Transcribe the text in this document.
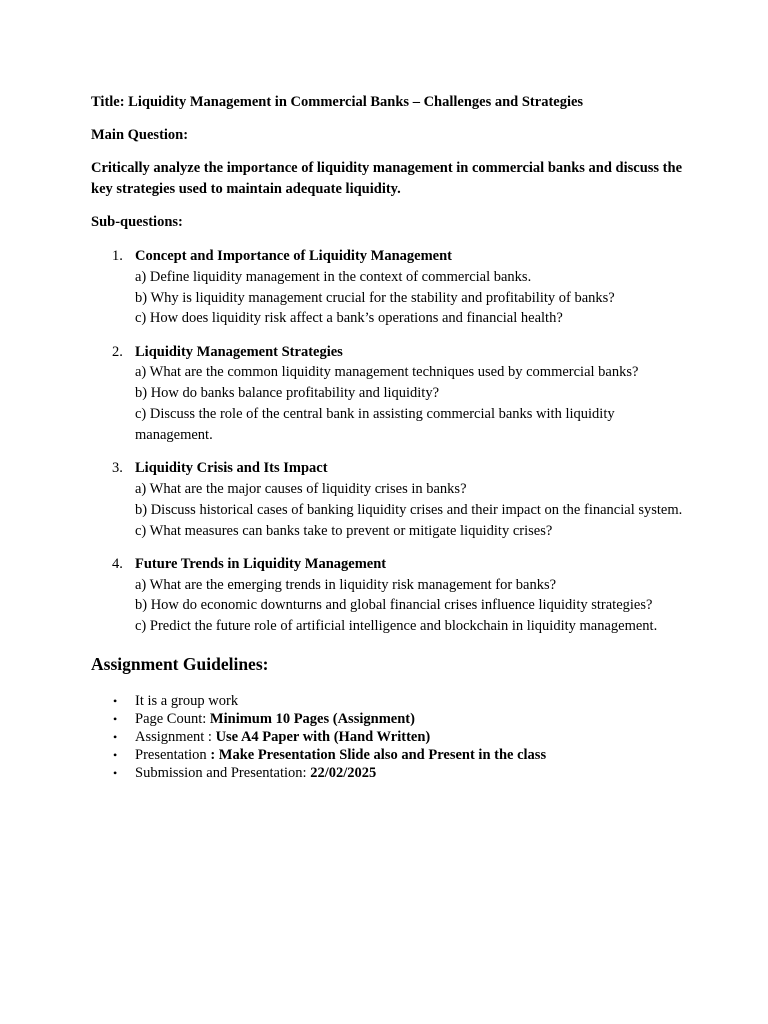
Title: Liquidity Management in Commercial Banks – Challenges and Strategies

Main Question:

Critically analyze the importance of liquidity management in commercial banks and discuss the key strategies used to maintain adequate liquidity.

Sub-questions:

1. Concept and Importance of Liquidity Management
a) Define liquidity management in the context of commercial banks.
b) Why is liquidity management crucial for the stability and profitability of banks?
c) How does liquidity risk affect a bank’s operations and financial health?
2. Liquidity Management Strategies
a) What are the common liquidity management techniques used by commercial banks?
b) How do banks balance profitability and liquidity?
c) Discuss the role of the central bank in assisting commercial banks with liquidity management.
3. Liquidity Crisis and Its Impact
a) What are the major causes of liquidity crises in banks?
b) Discuss historical cases of banking liquidity crises and their impact on the financial system.
c) What measures can banks take to prevent or mitigate liquidity crises?
4. Future Trends in Liquidity Management
a) What are the emerging trends in liquidity risk management for banks?
b) How do economic downturns and global financial crises influence liquidity strategies?
c) Predict the future role of artificial intelligence and blockchain in liquidity management.
Assignment Guidelines:
• It is a group work
• Page Count: Minimum 10 Pages (Assignment)
• Assignment : Use A4 Paper with (Hand Written)
• Presentation : Make Presentation Slide also and Present in the class
• Submission and Presentation: 22/02/2025
